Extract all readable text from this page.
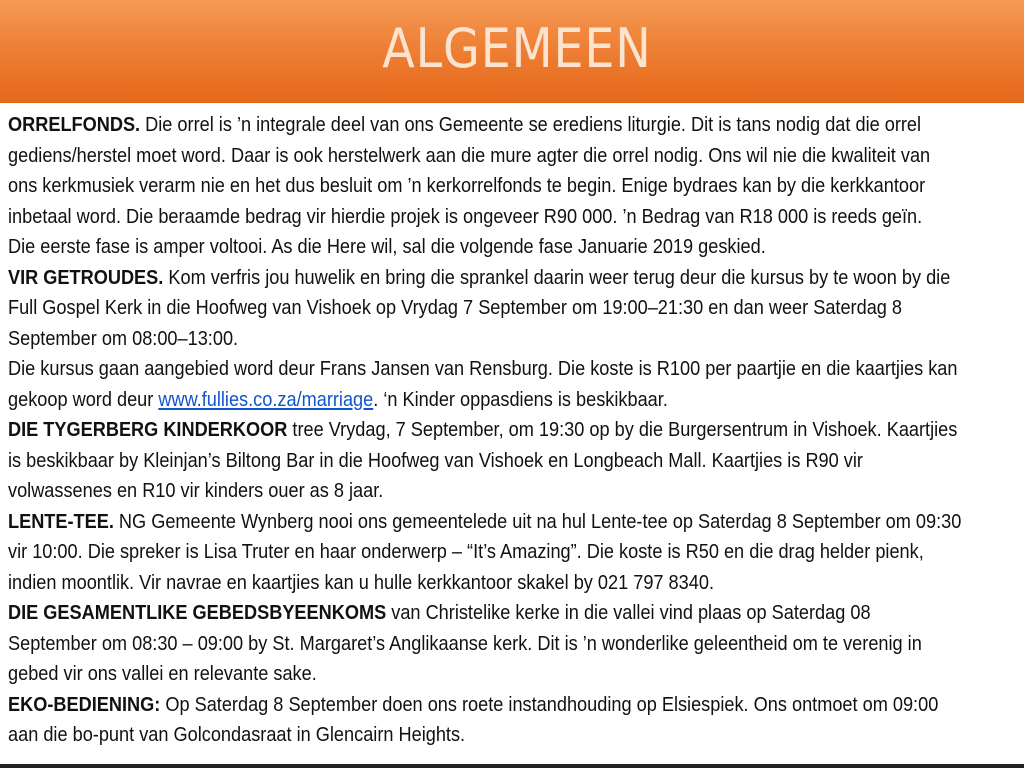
ALGEMEEN
ORRELFONDS. Die orrel is ’n integrale deel van ons Gemeente se erediens liturgie. Dit is tans nodig dat die orrel
gediens/herstel moet word. Daar is ook herstelwerk aan die mure agter die orrel nodig. Ons wil nie die kwaliteit van
ons kerkmusiek verarm nie en het dus besluit om ’n kerkorrelfonds te begin. Enige bydraes kan by die kerkkantoor
inbetaal word. Die beraamde bedrag vir hierdie projek is ongeveer R90 000. ’n Bedrag van R18 000 is reeds geïn.
Die eerste fase is amper voltooi. As die Here wil, sal die volgende fase Januarie 2019 geskied.
VIR GETROUDES. Kom verfris jou huwelik en bring die sprankel daarin weer terug deur die kursus by te woon by die
Full Gospel Kerk in die Hoofweg van Vishoek op Vrydag 7 September om 19:00–21:30 en dan weer Saterdag 8
September om 08:00–13:00.
Die kursus gaan aangebied word deur Frans Jansen van Rensburg. Die koste is R100 per paartjie en die kaartjies kan
gekoop word deur www.fullies.co.za/marriage. ‘n Kinder oppasdiens is beskikbaar.
DIE TYGERBERG KINDERKOOR tree Vrydag, 7 September, om 19:30 op by die Burgersentrum in Vishoek. Kaartjies
is beskikbaar by Kleinjan’s Biltong Bar in die Hoofweg van Vishoek en Longbeach Mall. Kaartjies is R90 vir
volwassenes en R10 vir kinders ouer as 8 jaar.
LENTE-TEE. NG Gemeente Wynberg nooi ons gemeentelede uit na hul Lente-tee op Saterdag 8 September om 09:30
vir 10:00. Die spreker is Lisa Truter en haar onderwerp – “It’s Amazing”. Die koste is R50 en die drag helder pienk,
indien moontlik. Vir navrae en kaartjies kan u hulle kerkkantoor skakel by 021 797 8340.
DIE GESAMENTLIKE GEBEDSBYEENKOMS van Christelike kerke in die vallei vind plaas op Saterdag 08
September om 08:30 – 09:00 by St. Margaret’s Anglikaanse kerk. Dit is ’n wonderlike geleentheid om te verenig in
gebed vir ons vallei en relevante sake.
EKO-BEDIENING: Op Saterdag 8 September doen ons roete instandhouding op Elsiespiek. Ons ontmoet om 09:00
aan die bo-punt van Golcondasraat in Glencairn Heights.
